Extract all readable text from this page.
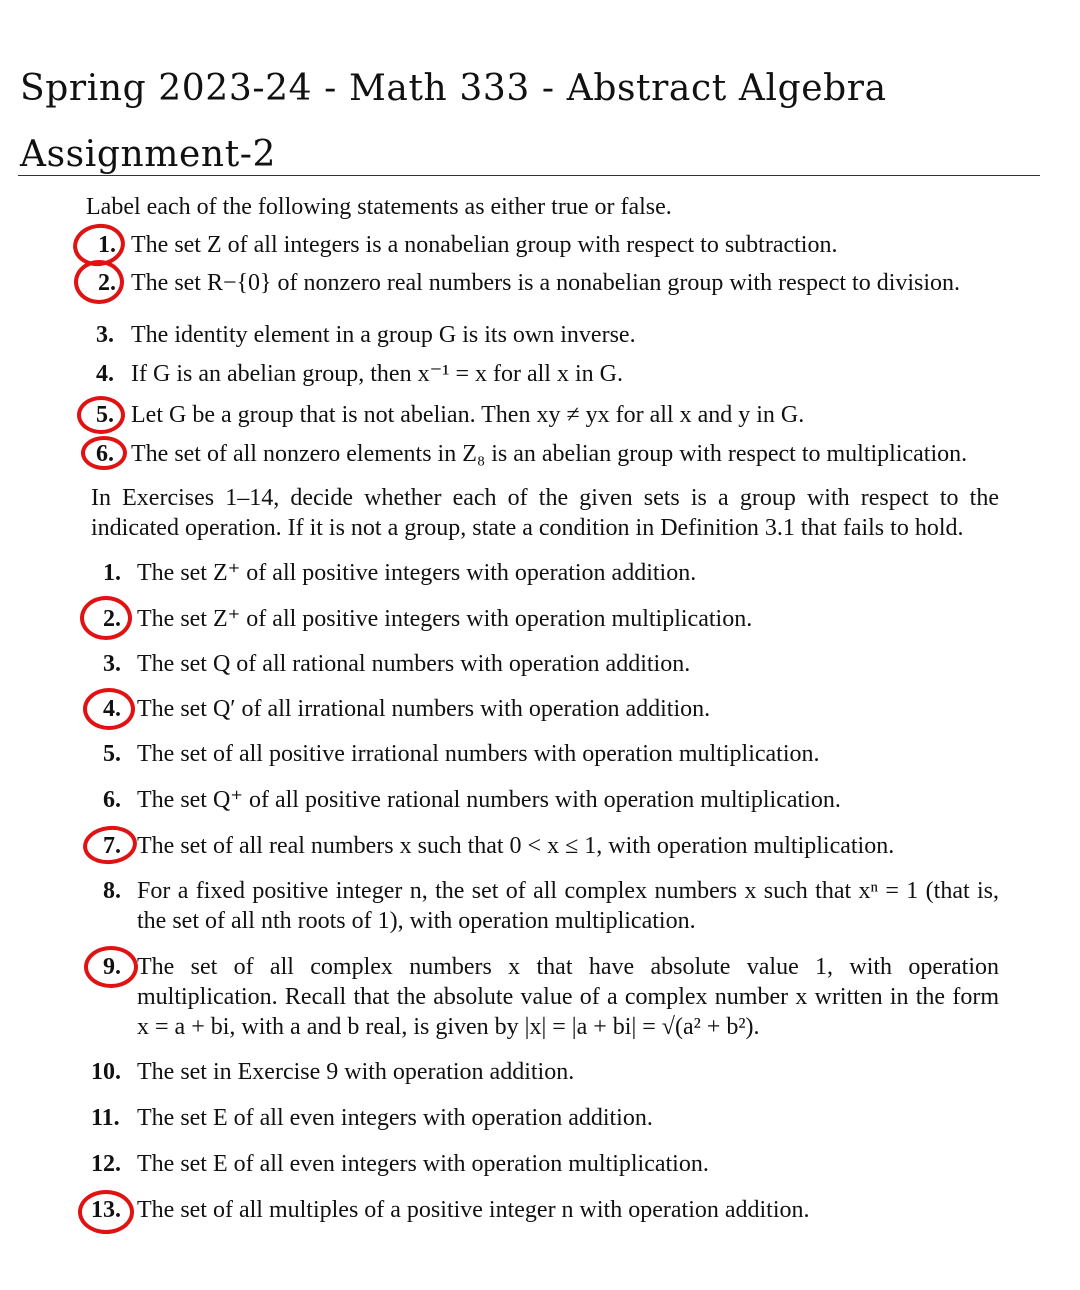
Spring 2023-24 - Math 333 - Abstract Algebra
Assignment-2
Label each of the following statements as either true or false.
1. The set Z of all integers is a nonabelian group with respect to subtraction.
2. The set R−{0} of nonzero real numbers is a nonabelian group with respect to division.
3. The identity element in a group G is its own inverse.
4. If G is an abelian group, then x⁻¹ = x for all x in G.
5. Let G be a group that is not abelian. Then xy ≠ yx for all x and y in G.
6. The set of all nonzero elements in Z₈ is an abelian group with respect to multiplication.
In Exercises 1–14, decide whether each of the given sets is a group with respect to the indicated operation. If it is not a group, state a condition in Definition 3.1 that fails to hold.
1. The set Z⁺ of all positive integers with operation addition.
2. The set Z⁺ of all positive integers with operation multiplication.
3. The set Q of all rational numbers with operation addition.
4. The set Q′ of all irrational numbers with operation addition.
5. The set of all positive irrational numbers with operation multiplication.
6. The set Q⁺ of all positive rational numbers with operation multiplication.
7. The set of all real numbers x such that 0 < x ≤ 1, with operation multiplication.
8. For a fixed positive integer n, the set of all complex numbers x such that xⁿ = 1 (that is, the set of all nth roots of 1), with operation multiplication.
9. The set of all complex numbers x that have absolute value 1, with operation multiplication. Recall that the absolute value of a complex number x written in the form x = a + bi, with a and b real, is given by |x| = |a + bi| = √(a² + b²).
10. The set in Exercise 9 with operation addition.
11. The set E of all even integers with operation addition.
12. The set E of all even integers with operation multiplication.
13. The set of all multiples of a positive integer n with operation addition.
